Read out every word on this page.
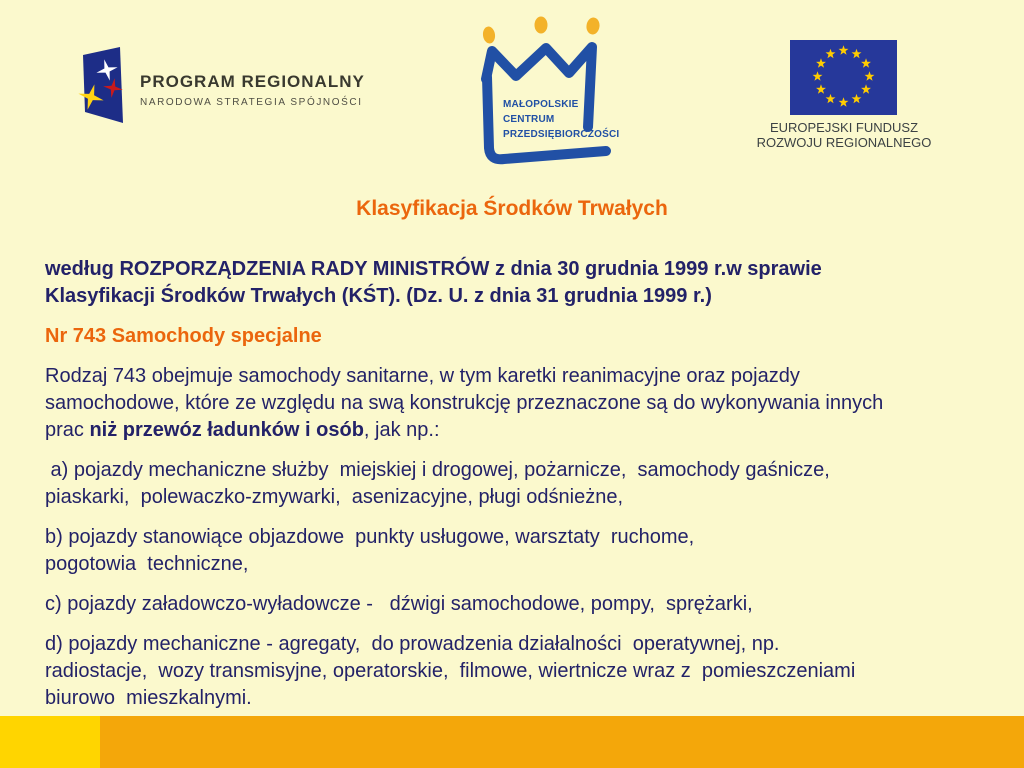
PROGRAM REGIONALNY
NARODOWA STRATEGIA SPÓJNOŚCI	MAŁOPOLSKIE
CENTRUM
PRZEDSIĘBIORCZOŚCI	EUROPEJSKI FUNDUSZ
ROZWOJU REGIONALNEGO
Klasyfikacja Środków Trwałych

według ROZPORZĄDZENIA RADY MINISTRÓW z dnia 30 grudnia 1999 r.w sprawie
Klasyfikacji Środków Trwałych (KŚT). (Dz. U. z dnia 31 grudnia 1999 r.)

Nr 743 Samochody specjalne

Rodzaj 743 obejmuje samochody sanitarne, w tym karetki reanimacyjne oraz pojazdy
samochodowe, które ze względu na swą konstrukcję przeznaczone są do wykonywania innych
prac niż przewóz ładunków i osób, jak np.:

a) pojazdy mechaniczne służby  miejskiej i drogowej, pożarnicze,  samochody gaśnicze,
piaskarki,  polewaczko-zmywarki,  asenizacyjne, pługi odśnieżne,

b) pojazdy stanowiące objazdowe  punkty usługowe, warsztaty  ruchome,
pogotowia  techniczne,

c) pojazdy załadowczo-wyładowcze -   dźwigi samochodowe, pompy,  sprężarki,

d) pojazdy mechaniczne - agregaty,  do prowadzenia działalności  operatywnej, np.
radiostacje,  wozy transmisyjne, operatorskie,  filmowe, wiertnicze wraz z  pomieszczeniami
biurowo  mieszkalnymi.
